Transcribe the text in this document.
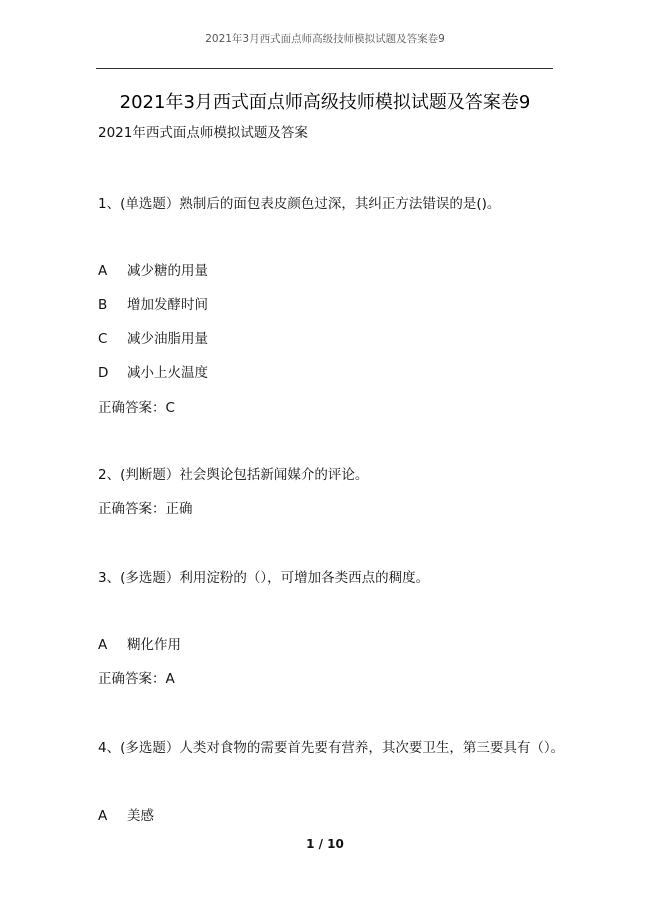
2021年3月西式面点师高级技师模拟试题及答案卷9
2021年3月西式面点师高级技师模拟试题及答案卷9
2021年西式面点师模拟试题及答案
1、(单选题）熟制后的面包表皮颜色过深，其纠正方法错误的是()。
A 减少糖的用量
B 增加发酵时间
C 减少油脂用量
D 减小上火温度
正确答案：C
2、(判断题）社会舆论包括新闻媒介的评论。
正确答案：正确
3、(多选题）利用淀粉的（），可增加各类西点的稠度。
A 糊化作用
正确答案：A
4、(多选题）人类对食物的需要首先要有营养，其次要卫生，第三要具有（）。
A 美感
1 / 10
